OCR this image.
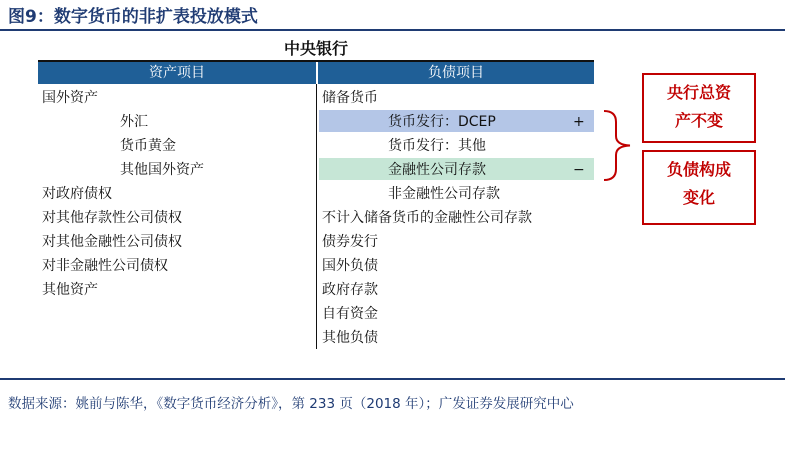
图9：数字货币的非扩表投放模式
中央银行
资产项目	负债项目
国外资产
外汇
货币黄金
其他国外资产
对政府债权
对其他存款性公司债权
对其他金融性公司债权
对非金融性公司债权
其他资产
储备货币
货币发行：DCEP
货币发行：其他
金融性公司存款
非金融性公司存款
不计入储备货币的金融性公司存款
债券发行
国外负债
政府存款
自有资金
其他负债
+
−
央行总资
产不变
负债构成
变化
数据来源：姚前与陈华，《数字货币经济分析》，第 233 页（2018 年）；广发证券发展研究中心
